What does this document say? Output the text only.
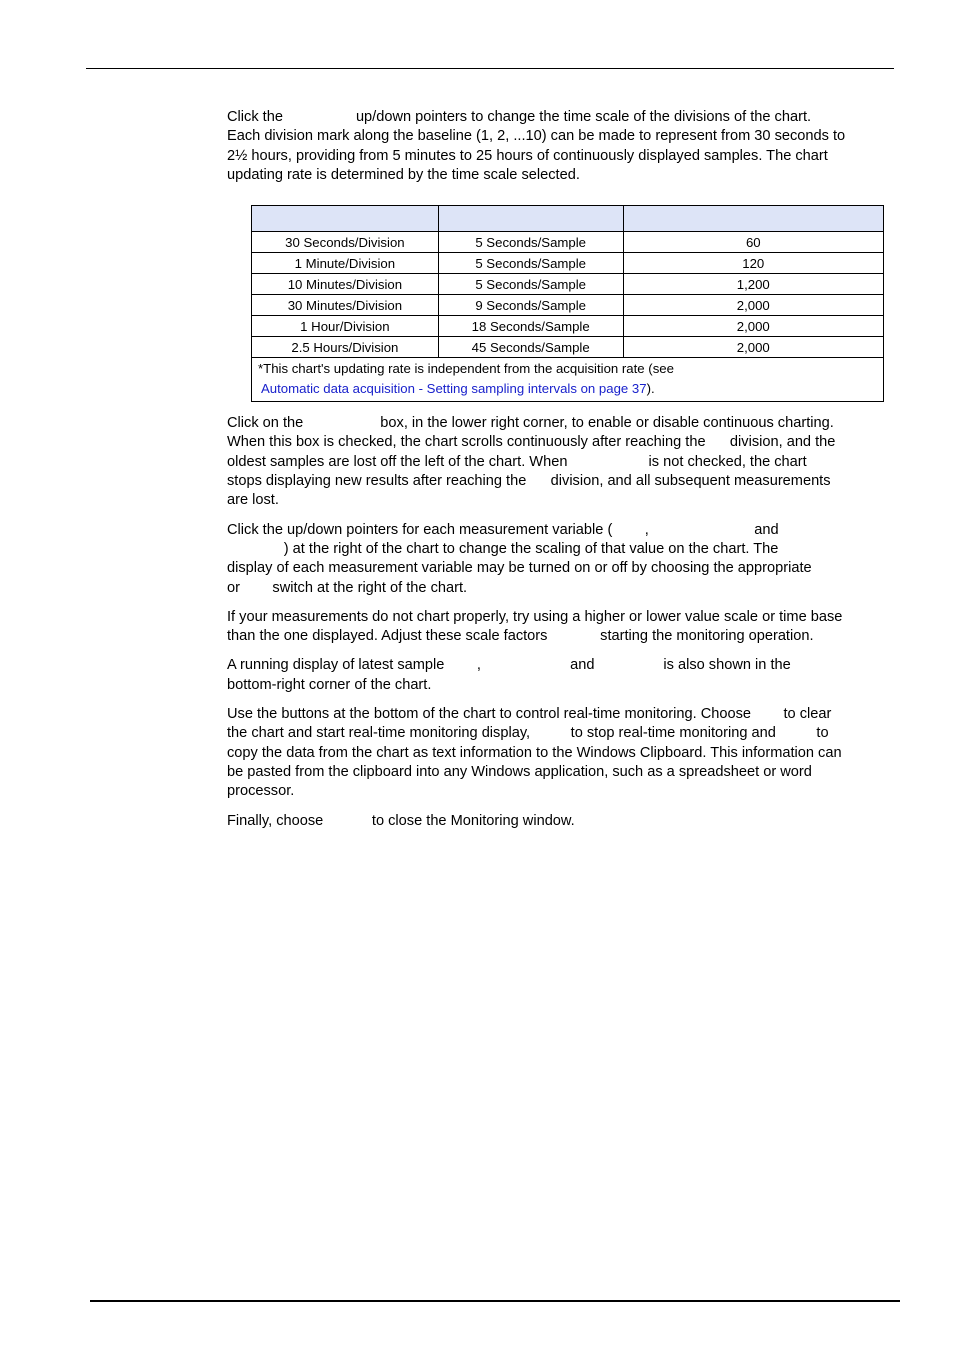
Click the                  up/down pointers to change the time scale of the divisions of the chart.
Each division mark along the baseline (1, 2, ...10) can be made to represent from 30 seconds to
2½ hours, providing from 5 minutes to 25 hours of continuously displayed samples. The chart
updating rate is determined by the time scale selected.

30 Seconds/Division	5 Seconds/Sample	60
1 Minute/Division	5 Seconds/Sample	120
10 Minutes/Division	5 Seconds/Sample	1,200
30 Minutes/Division	9 Seconds/Sample	2,000
1 Hour/Division	18 Seconds/Sample	2,000
2.5 Hours/Division	45 Seconds/Sample	2,000
*This chart's updating rate is independent from the acquisition rate (see
Automatic data acquisition - Setting sampling intervals on page 37).		

Click on the                   box, in the lower right corner, to enable or disable continuous charting.
When this box is checked, the chart scrolls continuously after reaching the      division, and the
oldest samples are lost off the left of the chart. When                    is not checked, the chart
stops displaying new results after reaching the      division, and all subsequent measurements
are lost.

Click the up/down pointers for each measurement variable (        ,                          and
) at the right of the chart to change the scaling of that value on the chart. The
display of each measurement variable may be turned on or off by choosing the appropriate
or        switch at the right of the chart.

If your measurements do not chart properly, try using a higher or lower value scale or time base
than the one displayed. Adjust these scale factors             starting the monitoring operation.

A running display of latest sample        ,                      and                 is also shown in the
bottom-right corner of the chart.

Use the buttons at the bottom of the chart to control real-time monitoring. Choose        to clear
the chart and start real-time monitoring display,          to stop real-time monitoring and          to
copy the data from the chart as text information to the Windows Clipboard. This information can
be pasted from the clipboard into any Windows application, such as a spreadsheet or word
processor.

Finally, choose            to close the Monitoring window.
